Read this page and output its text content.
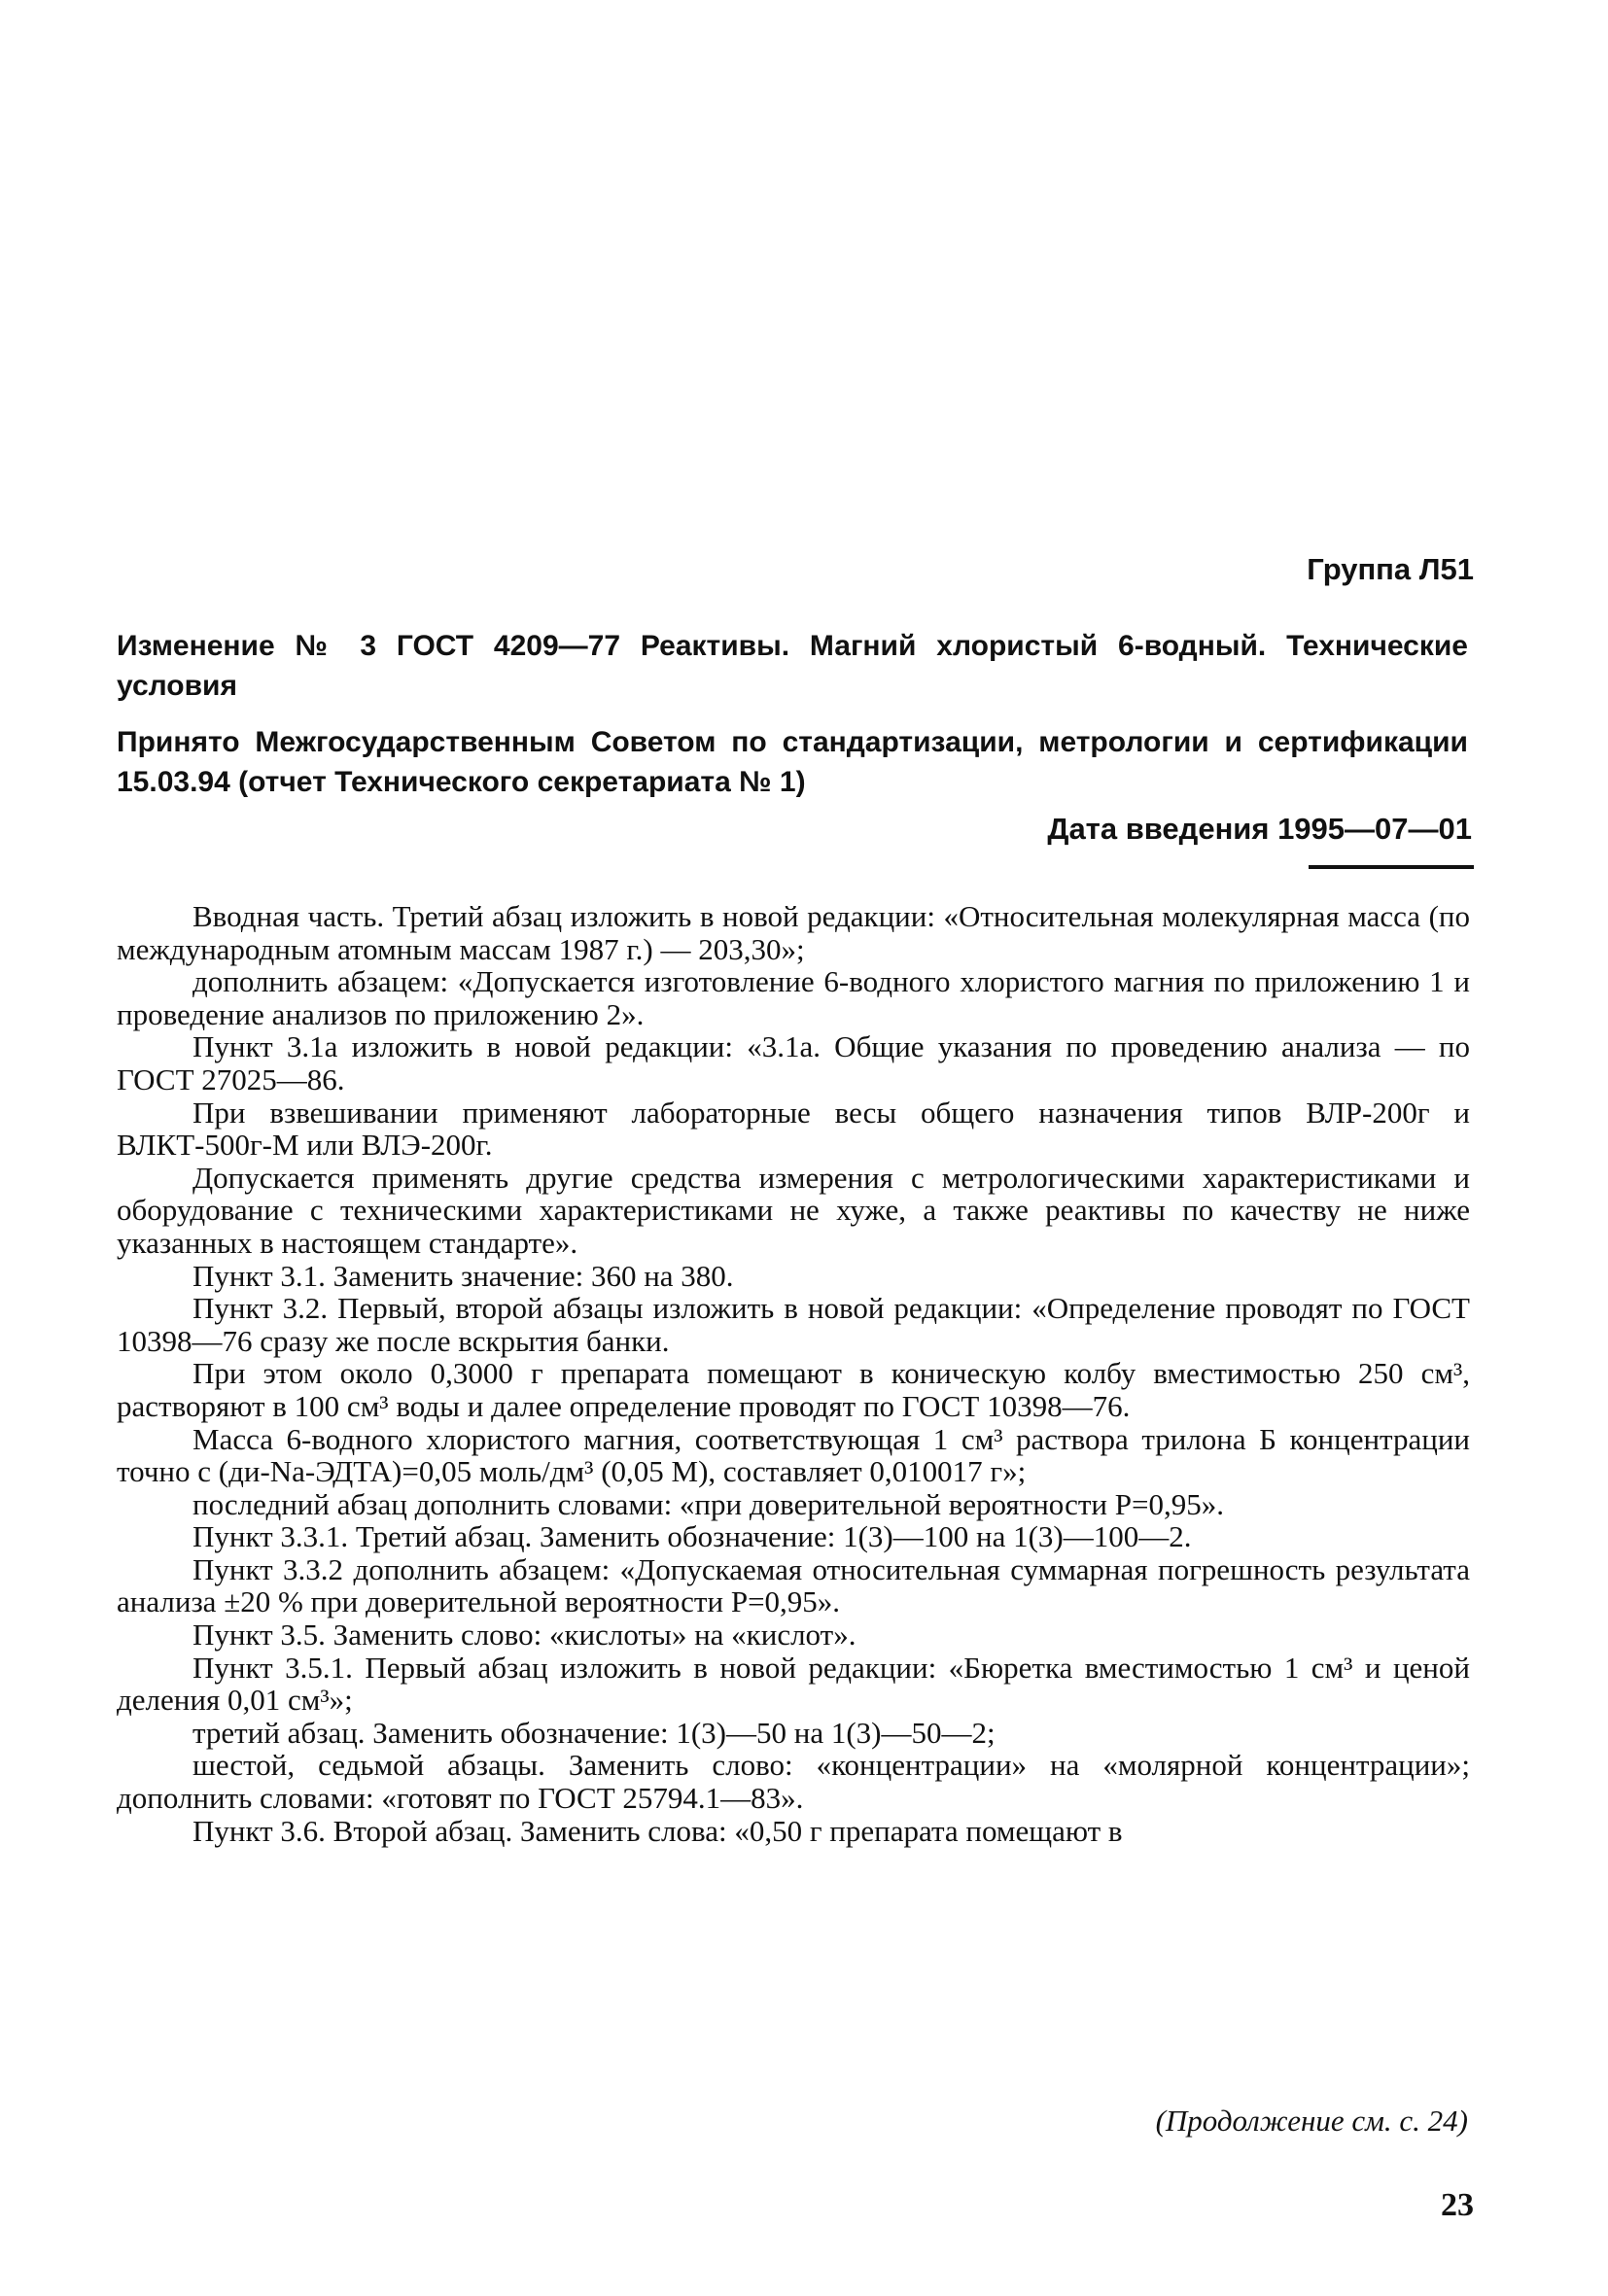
Группа Л51
Изменение № 3 ГОСТ 4209—77 Реактивы. Магний хлористый 6-водный. Технические условия
Принято Межгосударственным Советом по стандартизации, метрологии и сертификации 15.03.94 (отчет Технического секретариата № 1)
Дата введения 1995—07—01

Вводная часть. Третий абзац изложить в новой редакции: «Относительная молекулярная масса (по международным атомным массам 1987 г.) — 203,30»;

дополнить абзацем: «Допускается изготовление 6-водного хлористого магния по приложению 1 и проведение анализов по приложению 2».

Пункт 3.1а изложить в новой редакции: «3.1а. Общие указания по проведению анализа — по ГОСТ 27025—86.

При взвешивании применяют лабораторные весы общего назначения типов ВЛР-200г и ВЛКТ-500г-М или ВЛЭ-200г.

Допускается применять другие средства измерения с метрологическими характеристиками и оборудование с техническими характеристиками не хуже, а также реактивы по качеству не ниже указанных в настоящем стандарте».

Пункт 3.1. Заменить значение: 360 на 380.

Пункт 3.2. Первый, второй абзацы изложить в новой редакции: «Определение проводят по ГОСТ 10398—76 сразу же после вскрытия банки.

При этом около 0,3000 г препарата помещают в коническую колбу вместимостью 250 см³, растворяют в 100 см³ воды и далее определение проводят по ГОСТ 10398—76.

Масса 6-водного хлористого магния, соответствующая 1 см³ раствора трилона Б концентрации точно с (ди-Na-ЭДТА)=0,05 моль/дм³ (0,05 М), составляет 0,010017 г»;

последний абзац дополнить словами: «при доверительной вероятности Р=0,95».

Пункт 3.3.1. Третий абзац. Заменить обозначение: 1(3)—100 на 1(3)—100—2.

Пункт 3.3.2 дополнить абзацем: «Допускаемая относительная суммарная погрешность результата анализа ±20 % при доверительной вероятности Р=0,95».

Пункт 3.5. Заменить слово: «кислоты» на «кислот».

Пункт 3.5.1. Первый абзац изложить в новой редакции: «Бюретка вместимостью 1 см³ и ценой деления 0,01 см³»;

третий абзац. Заменить обозначение: 1(3)—50 на 1(3)—50—2;

шестой, седьмой абзацы. Заменить слово: «концентрации» на «молярной концентрации»; дополнить словами: «готовят по ГОСТ 25794.1—83».

Пункт 3.6. Второй абзац. Заменить слова: «0,50 г препарата помещают в

(Продолжение см. с. 24)
23
